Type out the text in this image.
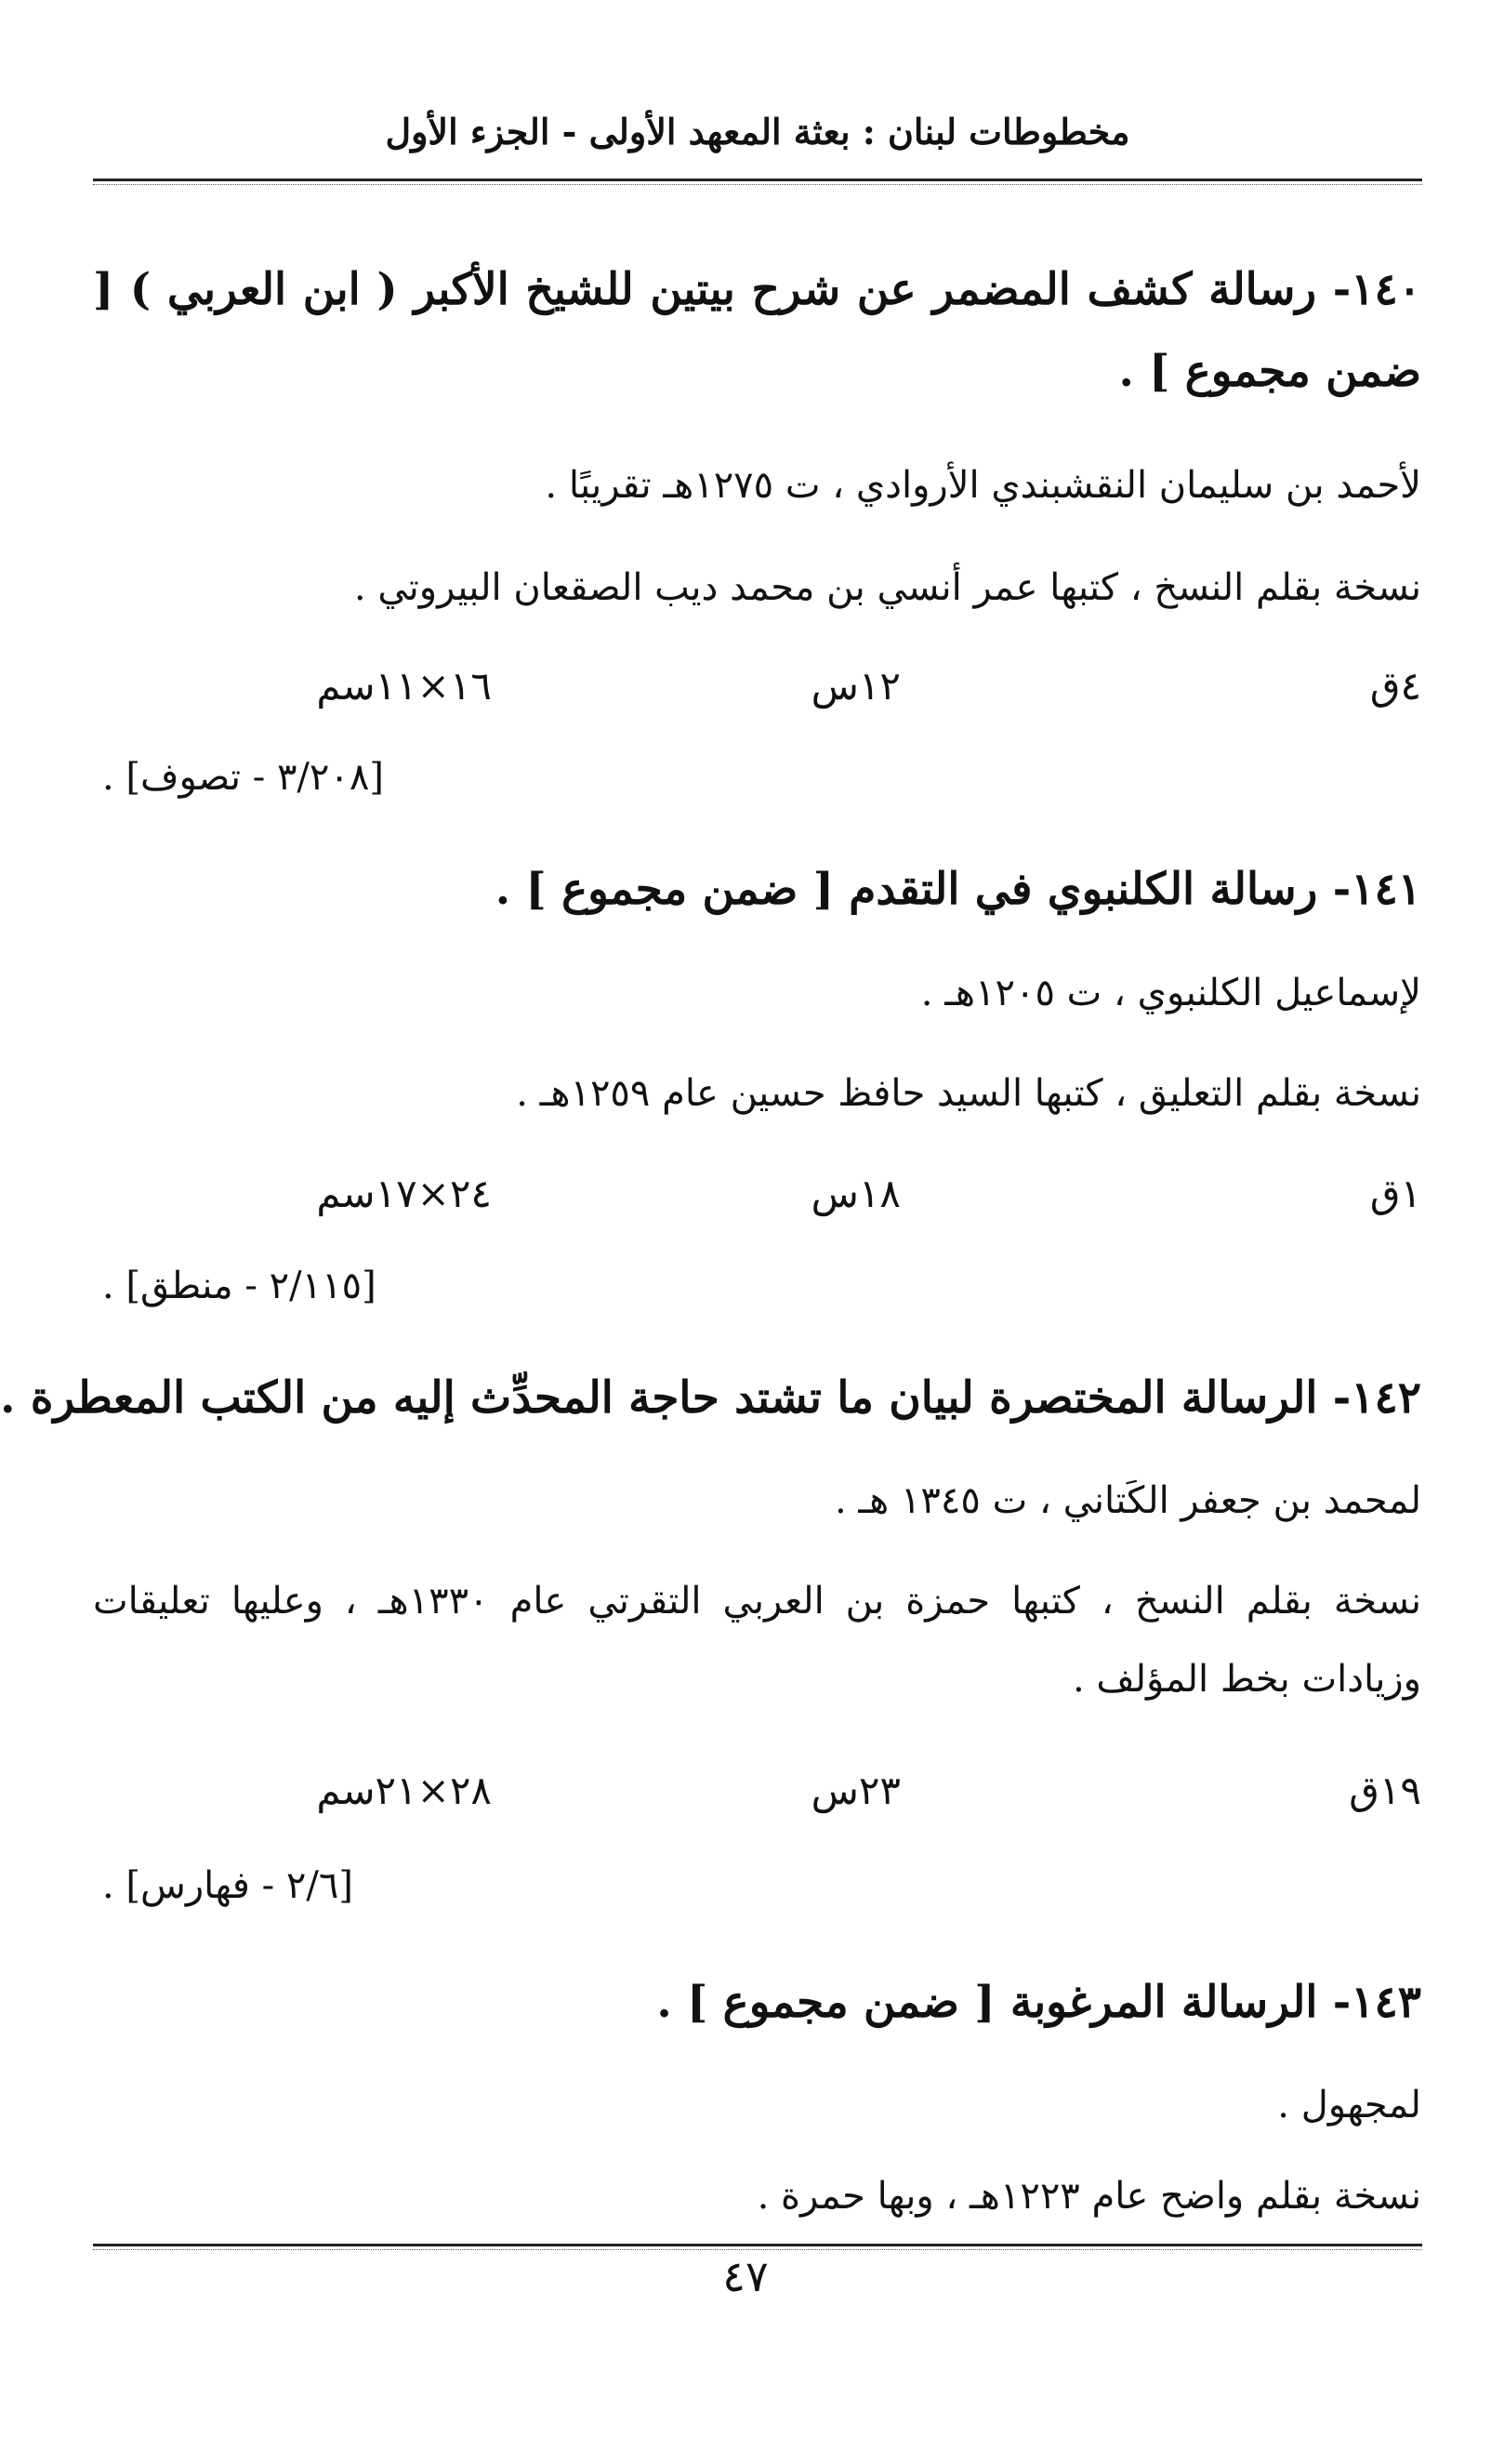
مخطوطات لبنان : بعثة المعهد الأولى - الجزء الأول
١٤٠- رسالة كشف المضمر عن شرح بيتين للشيخ الأكبر ( ابن العربي ) [ ضمن مجموع ] .
لأحمد بن سليمان النقشبندي الأروادي ، ت ١٢٧٥هـ تقريبًا .
نسخة بقلم النسخ ، كتبها عمر أنسي بن محمد ديب الصقعان البيروتي .
٤ق
١٢س
١٦×١١سم
[٣/٢٠٨ - تصوف] .
١٤١- رسالة الكلنبوي في التقدم [ ضمن مجموع ] .
لإسماعيل الكلنبوي ، ت ١٢٠٥هـ .
نسخة بقلم التعليق ، كتبها السيد حافظ حسين عام ١٢٥٩هـ .
١ق
١٨س
٢٤×١٧سم
[٢/١١٥ - منطق] .
١٤٢- الرسالة المختصرة لبيان ما تشتد حاجة المحدِّث إليه من الكتب المعطرة .
لمحمد بن جعفر الكَتاني ، ت ١٣٤٥ هـ .
نسخة بقلم النسخ ، كتبها حمزة بن العربي التقرتي عام ١٣٣٠هـ ، وعليها تعليقات وزيادات بخط المؤلف .
١٩ق
٢٣س
٢٨×٢١سم
[٢/٦ - فهارس] .
١٤٣- الرسالة المرغوبة [ ضمن مجموع ] .
لمجهول .
نسخة بقلم واضح عام ١٢٢٣هـ ، وبها حمرة .
٤٧
